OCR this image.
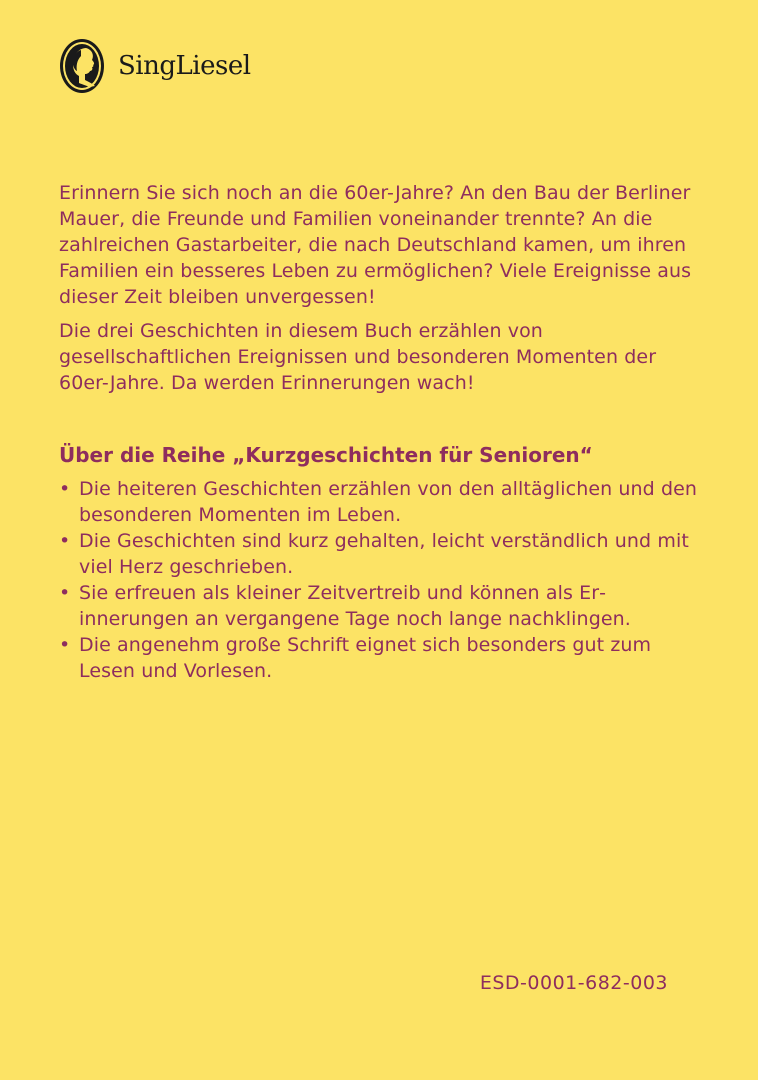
SingLiesel

Erinnern Sie sich noch an die 60er-Jahre? An den Bau der Berliner Mauer, die Freunde und Familien voneinander trennte? An die zahlreichen Gastarbeiter, die nach Deutschland kamen, um ihren Familien ein besseres Leben zu ermöglichen? Viele Ereignisse aus dieser Zeit bleiben unvergessen!

Die drei Geschichten in diesem Buch erzählen von gesellschaftlichen Ereignissen und besonderen Momenten der 60er-Jahre. Da werden Erinnerungen wach!

Über die Reihe „Kurzgeschichten für Senioren“
• Die heiteren Geschichten erzählen von den alltäglichen und den besonderen Momenten im Leben.
• Die Geschichten sind kurz gehalten, leicht verständlich und mit viel Herz geschrieben.
• Sie erfreuen als kleiner Zeitvertreib und können als Erinnerungen an vergangene Tage noch lange nachklingen.
• Die angenehm große Schrift eignet sich besonders gut zum Lesen und Vorlesen.
ESD-0001-682-003
